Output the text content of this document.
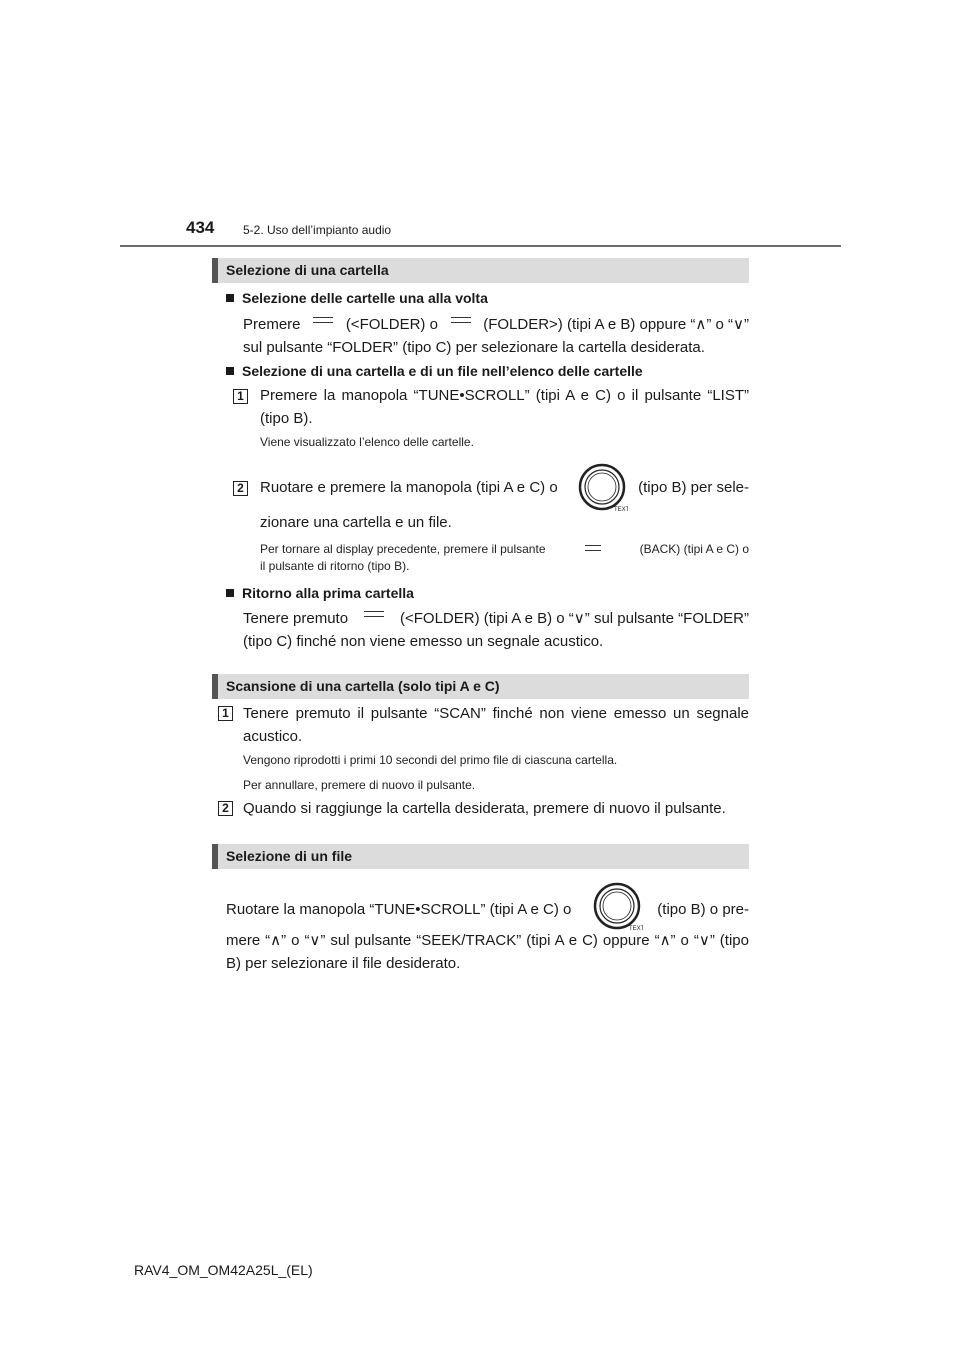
434 5-2. Uso dell’impianto audio
Selezione di una cartella
Selezione delle cartelle una alla volta
Premere	(<FOLDER) o	(FOLDER>) (tipi A e B) oppure “∧” o “∨”
sul pulsante “FOLDER” (tipo C) per selezionare la cartella desiderata.
Selezione di una cartella e di un file nell’elenco delle cartelle
1 Premere la manopola “TUNE•SCROLL” (tipi A e C) o il pulsante “LIST”
(tipo B).
Viene visualizzato l’elenco delle cartelle.
2 Ruotare e premere la manopola (tipi A e C) o	(tipo B) per sele-
zionare una cartella e un file.
TEXT
Per tornare al display precedente, premere il pulsante	(BACK) (tipi A e C) o
il pulsante di ritorno (tipo B).
Ritorno alla prima cartella
Tenere premuto	(<FOLDER) (tipi A e B) o “∨” sul pulsante “FOLDER”
(tipo C) finché non viene emesso un segnale acustico.
Scansione di una cartella (solo tipi A e C)
1 Tenere premuto il pulsante “SCAN” finché non viene emesso un segnale
acustico.
Vengono riprodotti i primi 10 secondi del primo file di ciascuna cartella.
Per annullare, premere di nuovo il pulsante.
2 Quando si raggiunge la cartella desiderata, premere di nuovo il pulsante.
Selezione di un file
Ruotare la manopola “TUNE•SCROLL” (tipi A e C) o	(tipo B) o pre-
TEXT
mere “∧” o “∨” sul pulsante “SEEK/TRACK” (tipi A e C) oppure “∧” o “∨” (tipo
B) per selezionare il file desiderato.
RAV4_OM_OM42A25L_(EL)
